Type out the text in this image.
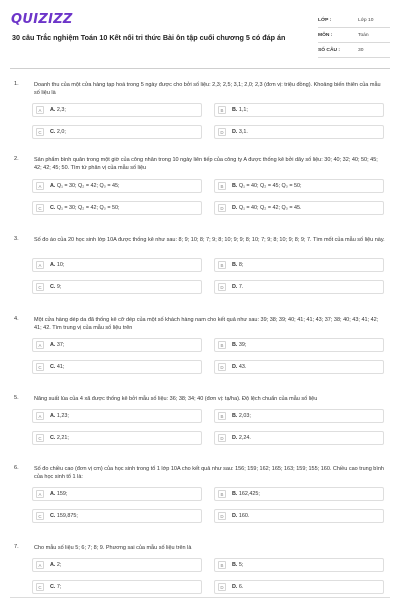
QUIZIZZ
30 câu Trắc nghiệm Toán 10 Kết nối tri thức Bài ôn tập cuối chương 5 có đáp án
LỚP :	Lớp 10
MÔN :	Toán
SỐ CÂU :	30
1.	Doanh thu của một cửa hàng tạp hoá trong 5 ngày được cho bởi số liệu: 2,3; 2,5; 3,1; 2,0; 2,3 (đơn vị: triệu đồng). Khoảng biến thiên của mẫu số liệu là
A	A. 2,3;	B	B. 1,1;
C	C. 2,0;	D	D. 3,1.
2.	Sản phẩm bình quân trong một giờ của công nhân trong 10 ngày liên tiếp của công ty A được thống kê bởi dãy số liệu: 30; 40; 32; 40; 50; 45; 42; 42; 45; 50. Tìm tứ phân vị của mẫu số liệu
A	A. Q₁ = 30; Q₂ = 42; Q₃ = 45;	B	B. Q₁ = 40; Q₂ = 45; Q₃ = 50;
C	C. Q₁ = 30; Q₂ = 42; Q₃ = 50;	D	D. Q₁ = 40; Q₂ = 42; Q₃ = 45.
3.	Số đo áo của 20 học sinh lớp 10A được thống kê như sau: 8; 9; 10; 8; 7; 9; 8; 10; 9; 9; 8; 10; 7; 9; 8; 10; 9; 8; 9; 7. Tìm mốt của mẫu số liệu này.
A	A. 10;	B	B. 8;
C	C. 9;	D	D. 7.
4.	Một cửa hàng dép da đã thống kê cỡ dép của một số khách hàng nam cho kết quả như sau: 39; 38; 39; 40; 41; 41; 43; 37; 38; 40; 43; 41; 42; 41; 42. Tìm trung vị của mẫu số liệu trên
A	A. 37;	B	B. 39;
C	C. 41;	D	D. 43.
5.	Năng suất lúa của 4 xã được thống kê bởi mẫu số liệu: 36; 38; 34; 40 (đơn vị: tạ/ha). Độ lệch chuẩn của mẫu số liệu
A	A. 1,23;	B	B. 2,03;
C	C. 2,21;	D	D. 2,24.
6.	Số đo chiều cao (đơn vị cm) của học sinh trong tổ 1 lớp 10A cho kết quả như sau: 156; 159; 162; 165; 163; 159; 155; 160. Chiều cao trung bình của học sinh tổ 1 là:
A	A. 159;	B	B. 162,425;
C	C. 159,875;	D	D. 160.
7.	Cho mẫu số liệu 5; 6; 7; 8; 9. Phương sai của mẫu số liệu trên là
A	A. 2;	B	B. 5;
C	C. 7;	D	D. 6.
